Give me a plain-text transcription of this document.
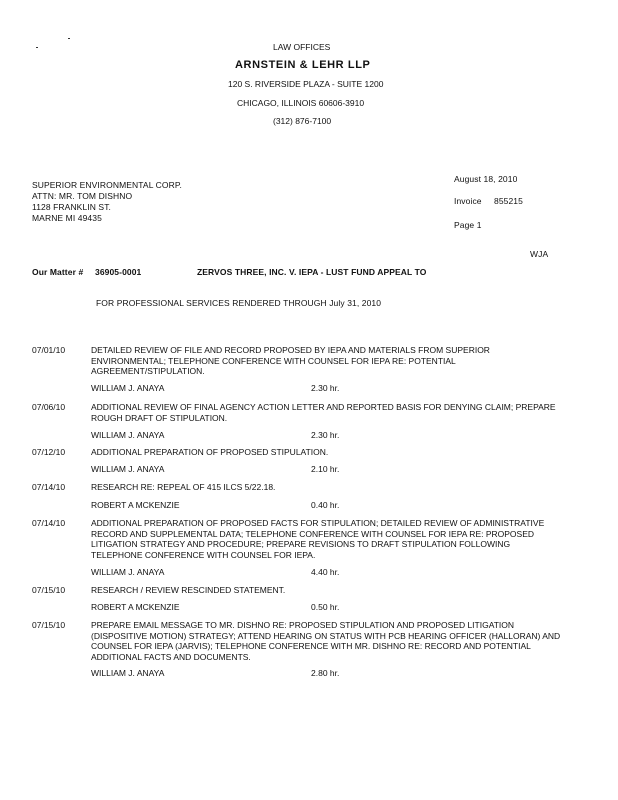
LAW OFFICES
ARNSTEIN & LEHR LLP
120 S. RIVERSIDE PLAZA - SUITE 1200
CHICAGO, ILLINOIS 60606-3910
(312) 876-7100
SUPERIOR ENVIRONMENTAL CORP.
ATTN: MR. TOM DISHNO
1128 FRANKLIN ST.
MARNE MI 49435
August 18, 2010
Invoice 855215
Page 1
WJA
Our Matter # 36905-0001	ZERVOS THREE, INC. V. IEPA - LUST FUND APPEAL TO
FOR PROFESSIONAL SERVICES RENDERED THROUGH July 31, 2010
07/01/10	DETAILED REVIEW OF FILE AND RECORD PROPOSED BY IEPA AND MATERIALS FROM SUPERIOR ENVIRONMENTAL; TELEPHONE CONFERENCE WITH COUNSEL FOR IEPA RE: POTENTIAL AGREEMENT/STIPULATION.
WILLIAM J. ANAYA	2.30 hr.
07/06/10	ADDITIONAL REVIEW OF FINAL AGENCY ACTION LETTER AND REPORTED BASIS FOR DENYING CLAIM; PREPARE ROUGH DRAFT OF STIPULATION.
WILLIAM J. ANAYA	2.30 hr.
07/12/10	ADDITIONAL PREPARATION OF PROPOSED STIPULATION.
WILLIAM J. ANAYA	2.10 hr.
07/14/10	RESEARCH RE: REPEAL OF 415 ILCS 5/22.18.
ROBERT A MCKENZIE	0.40 hr.
07/14/10	ADDITIONAL PREPARATION OF PROPOSED FACTS FOR STIPULATION; DETAILED REVIEW OF ADMINISTRATIVE RECORD AND SUPPLEMENTAL DATA; TELEPHONE CONFERENCE WITH COUNSEL FOR IEPA RE: PROPOSED LITIGATION STRATEGY AND PROCEDURE; PREPARE REVISIONS TO DRAFT STIPULATION FOLLOWING TELEPHONE CONFERENCE WITH COUNSEL FOR IEPA.
WILLIAM J. ANAYA	4.40 hr.
07/15/10	RESEARCH / REVIEW RESCINDED STATEMENT.
ROBERT A MCKENZIE	0.50 hr.
07/15/10	PREPARE EMAIL MESSAGE TO MR. DISHNO RE: PROPOSED STIPULATION AND PROPOSED LITIGATION (DISPOSITIVE MOTION) STRATEGY; ATTEND HEARING ON STATUS WITH PCB HEARING OFFICER (HALLORAN) AND COUNSEL FOR IEPA (JARVIS); TELEPHONE CONFERENCE WITH MR. DISHNO RE: RECORD AND POTENTIAL ADDITIONAL FACTS AND DOCUMENTS.
WILLIAM J. ANAYA	2.80 hr.
